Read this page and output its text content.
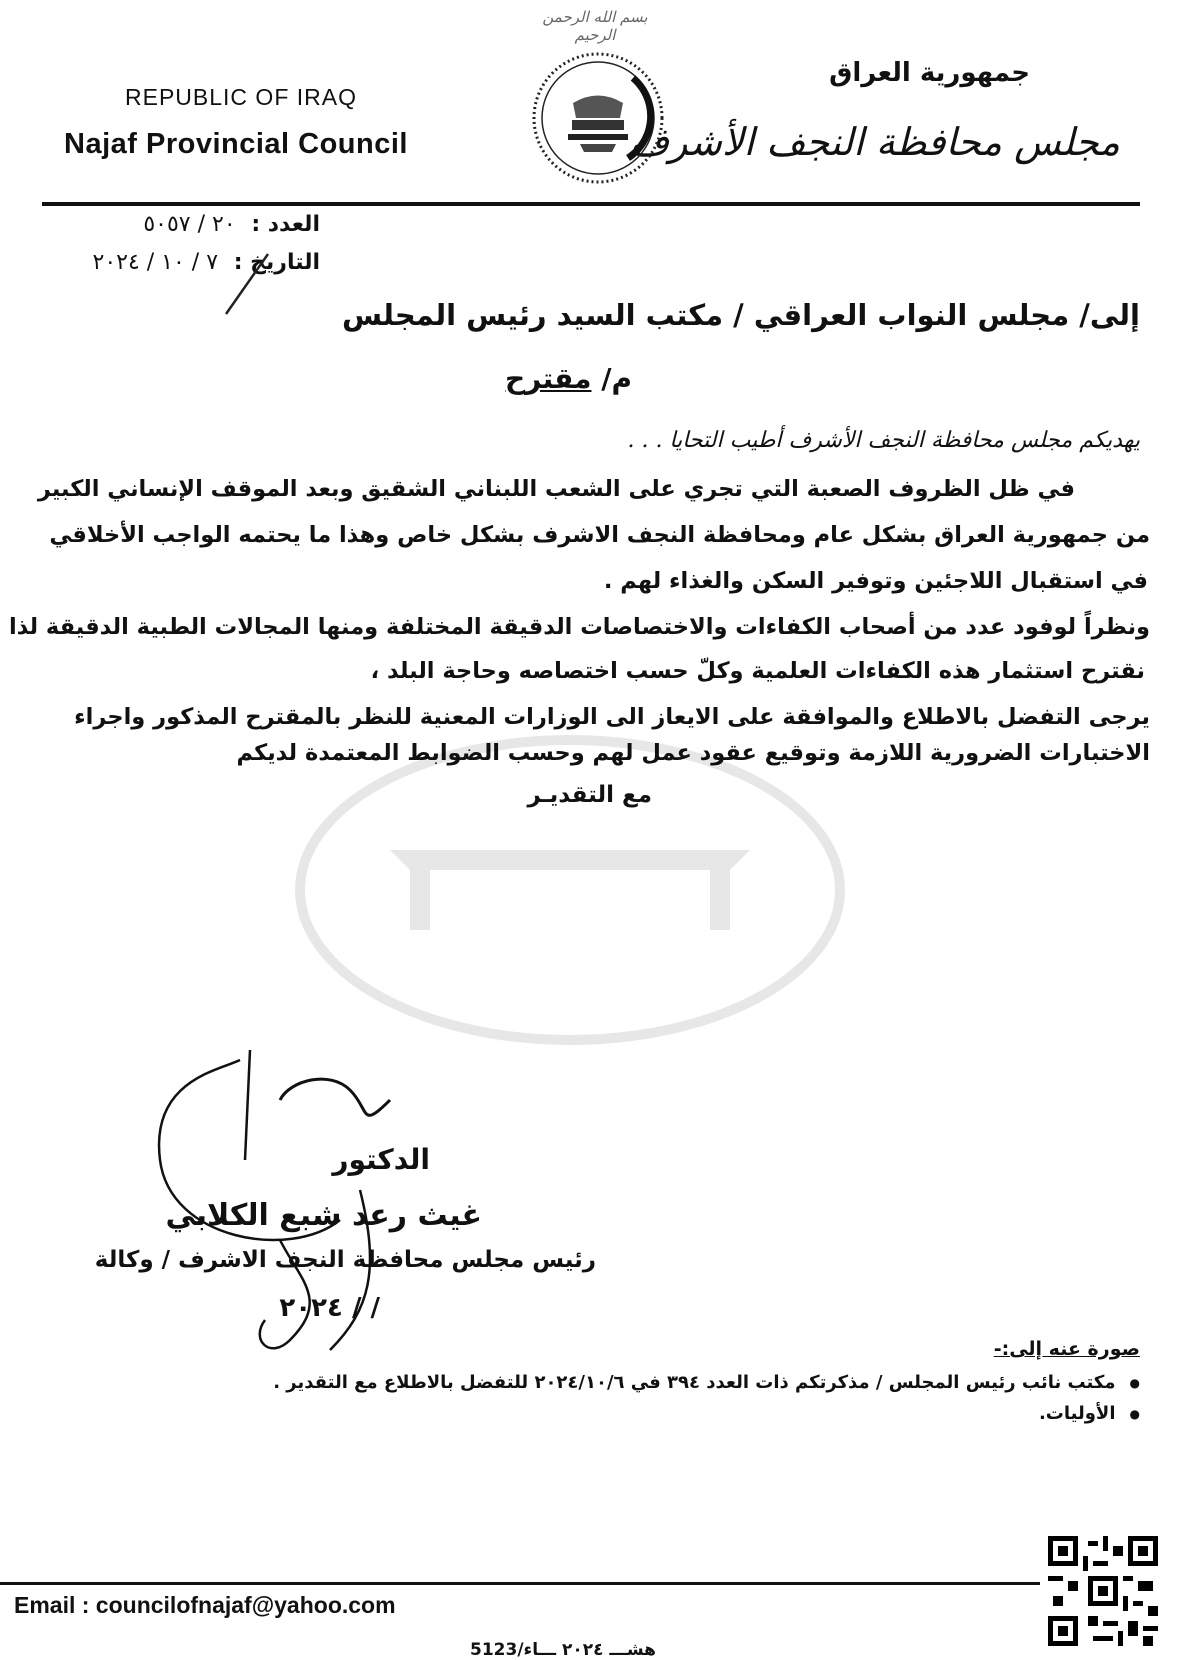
بسم الله الرحمن الرحيم
REPUBLIC OF IRAQ
Najaf Provincial Council
جمهورية العراق
مجلس محافظة النجف الأشرف
العدد : ٢٠ / ٥٠٥٧
التاريخ : ٧ / ١٠ / ٢٠٢٤
إلى/ مجلس النواب العراقي / مكتب السيد رئيس المجلس
م/ مقترح
يهديكم مجلس محافظة النجف الأشرف أطيب التحايا . . .
في ظل الظروف الصعبة التي تجري على الشعب اللبناني الشقيق وبعد الموقف الإنساني الكبير
من جمهورية العراق بشكل عام ومحافظة النجف الاشرف بشكل خاص وهذا ما يحتمه الواجب الأخلاقي
في استقبال اللاجئين وتوفير السكن والغذاء لهم .
ونظراً لوفود عدد من أصحاب الكفاءات والاختصاصات الدقيقة المختلفة ومنها المجالات الطبية الدقيقة لذا
نقترح استثمار هذه الكفاءات العلمية وكلّ حسب اختصاصه وحاجة البلد ،
يرجى التفضل بالاطلاع والموافقة على الايعاز الى الوزارات المعنية للنظر بالمقترح المذكور واجراء
الاختبارات الضرورية اللازمة وتوقيع عقود عمل لهم وحسب الضوابط المعتمدة لديكم
مع التقديـر
الدكتور
غيث رعد شبع الكلابي
رئيس مجلس محافظة النجف الاشرف / وكالة
/ / ٢٠٢٤
صورة عنه إلى:-
● مكتب نائب رئيس المجلس / مذكرتكم ذات العدد ٣٩٤ في ٢٠٢٤/١٠/٦ للتفضل بالاطلاع مع التقدير .
● الأوليات.
Email : councilofnajaf@yahoo.com
هشـــ ٢٠٢٤ ـــاء/5123
